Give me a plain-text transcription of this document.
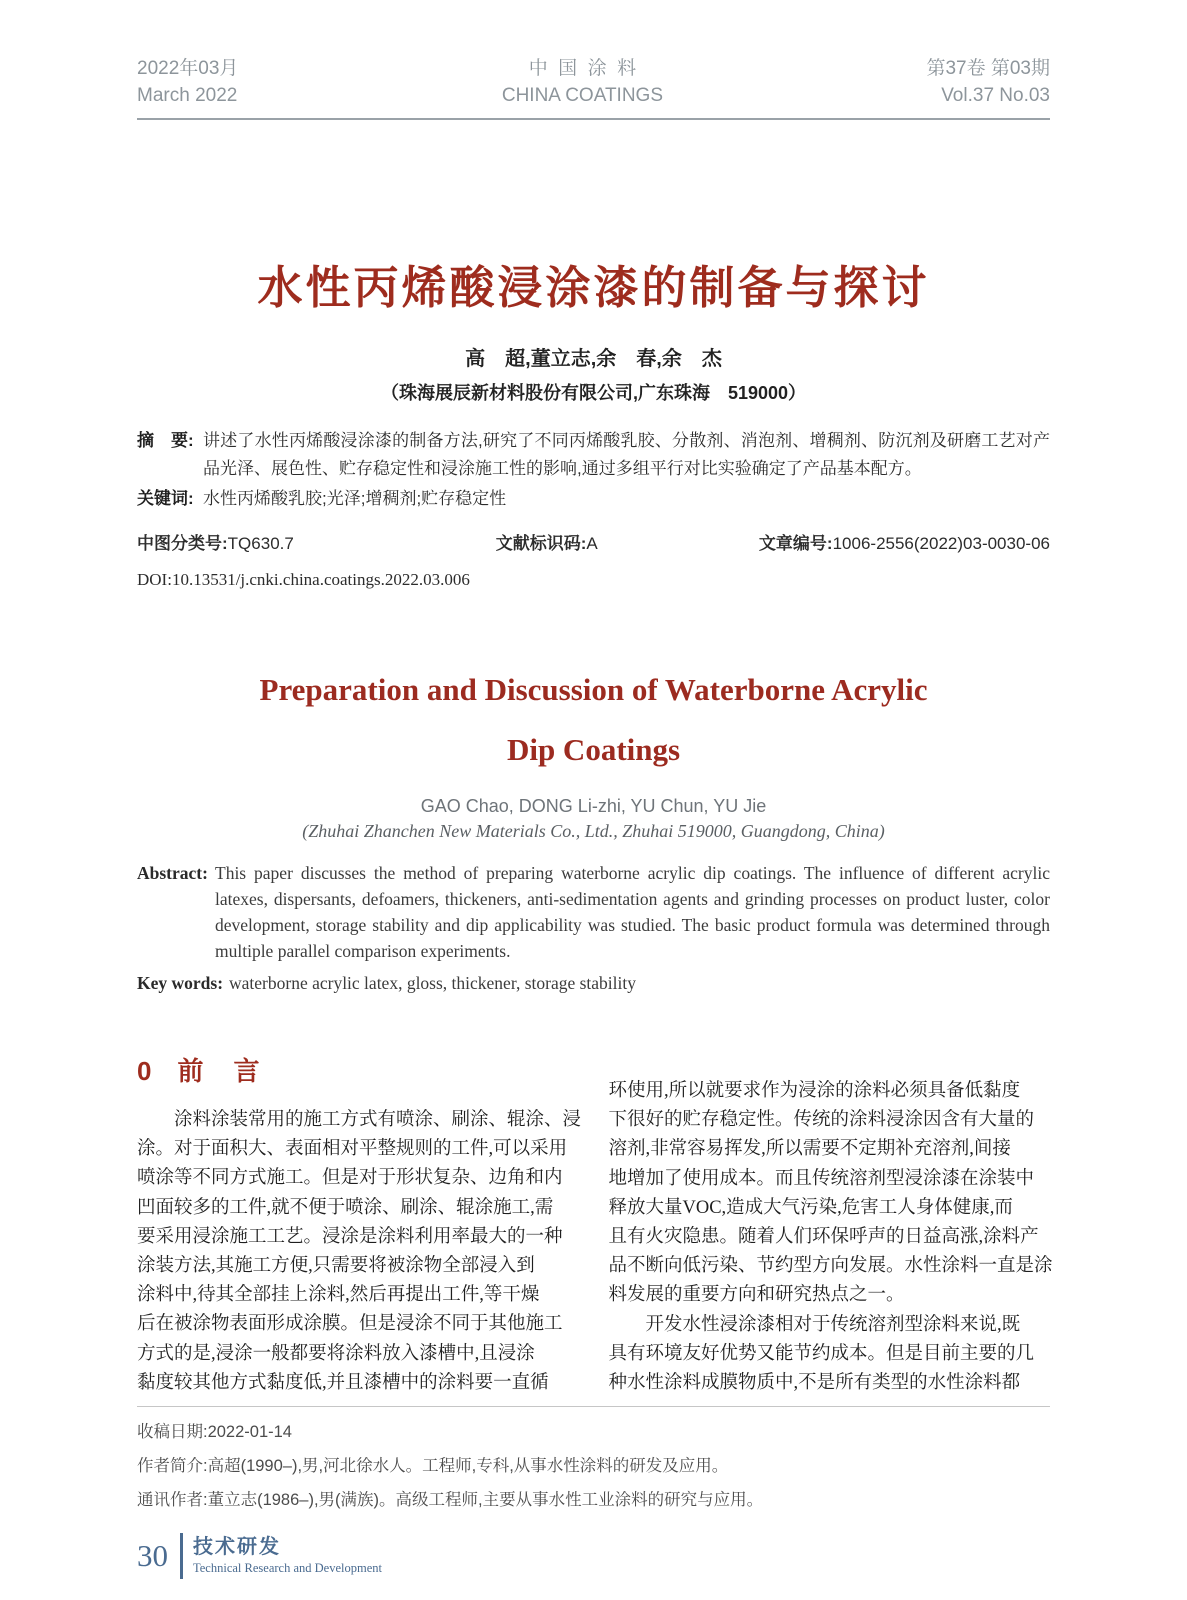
2022年03月
March 2022
中国涂料
CHINA COATINGS
第37卷 第03期
Vol.37 No.03
水性丙烯酸浸涂漆的制备与探讨
高　超,董立志,余　春,余　杰
（珠海展辰新材料股份有限公司,广东珠海　519000）
摘　要: 讲述了水性丙烯酸浸涂漆的制备方法,研究了不同丙烯酸乳胶、分散剂、消泡剂、增稠剂、防沉剂及研磨工艺对产品光泽、展色性、贮存稳定性和浸涂施工性的影响,通过多组平行对比实验确定了产品基本配方。
关键词: 水性丙烯酸乳胶;光泽;增稠剂;贮存稳定性
中图分类号:TQ630.7	文献标识码:A	文章编号:1006-2556(2022)03-0030-06
DOI:10.13531/j.cnki.china.coatings.2022.03.006
Preparation and Discussion of Waterborne Acrylic
Dip Coatings
GAO Chao, DONG Li-zhi, YU Chun, YU Jie
(Zhuhai Zhanchen New Materials Co., Ltd., Zhuhai 519000, Guangdong, China)
Abstract: This paper discusses the method of preparing waterborne acrylic dip coatings. The influence of different acrylic latexes, dispersants, defoamers, thickeners, anti-sedimentation agents and grinding processes on product luster, color development, storage stability and dip applicability was studied. The basic product formula was determined through multiple parallel comparison experiments.
Key words: waterborne acrylic latex, gloss, thickener, storage stability
0 前　言
　　涂料涂装常用的施工方式有喷涂、刷涂、辊涂、浸
涂。对于面积大、表面相对平整规则的工件,可以采用
喷涂等不同方式施工。但是对于形状复杂、边角和内
凹面较多的工件,就不便于喷涂、刷涂、辊涂施工,需
要采用浸涂施工工艺。浸涂是涂料利用率最大的一种
涂装方法,其施工方便,只需要将被涂物全部浸入到
涂料中,待其全部挂上涂料,然后再提出工件,等干燥
后在被涂物表面形成涂膜。但是浸涂不同于其他施工
方式的是,浸涂一般都要将涂料放入漆槽中,且浸涂
黏度较其他方式黏度低,并且漆槽中的涂料要一直循
环使用,所以就要求作为浸涂的涂料必须具备低黏度
下很好的贮存稳定性。传统的涂料浸涂因含有大量的
溶剂,非常容易挥发,所以需要不定期补充溶剂,间接
地增加了使用成本。而且传统溶剂型浸涂漆在涂装中
释放大量VOC,造成大气污染,危害工人身体健康,而
且有火灾隐患。随着人们环保呼声的日益高涨,涂料产
品不断向低污染、节约型方向发展。水性涂料一直是涂
料发展的重要方向和研究热点之一。
　　开发水性浸涂漆相对于传统溶剂型涂料来说,既
具有环境友好优势又能节约成本。但是目前主要的几
种水性涂料成膜物质中,不是所有类型的水性涂料都
收稿日期:2022-01-14
作者简介:高超(1990–),男,河北徐水人。工程师,专科,从事水性涂料的研发及应用。
通讯作者:董立志(1986–),男(满族)。高级工程师,主要从事水性工业涂料的研究与应用。
30 技术研发
Technical Research and Development
